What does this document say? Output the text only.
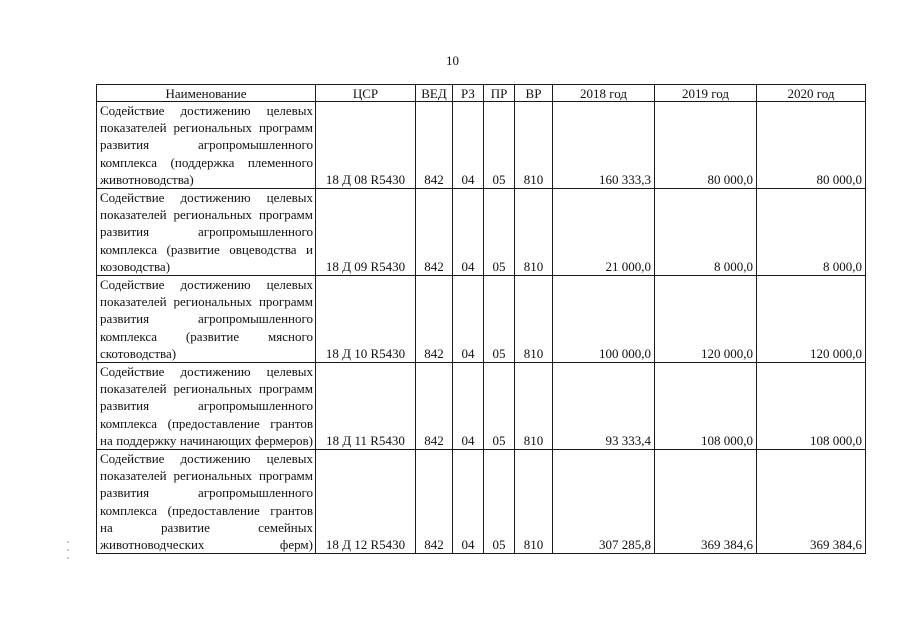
10
Наименование	ЦСР	ВЕД	РЗ	ПР	ВР	2018 год	2019 год	2020 год

Содействие достижению целевых показателей региональных программ развития агропромышленного комплекса (поддержка племенного животноводства)	18 Д 08 R5430	842	04	05	810	160 333,3	80 000,0	80 000,0

Содействие достижению целевых показателей региональных программ развития агропромышленного комплекса (развитие овцеводства и козоводства)	18 Д 09 R5430	842	04	05	810	21 000,0	8 000,0	8 000,0

Содействие достижению целевых показателей региональных программ развития агропромышленного комплекса (развитие мясного скотоводства)	18 Д 10 R5430	842	04	05	810	100 000,0	120 000,0	120 000,0

Содействие достижению целевых показателей региональных программ развития агропромышленного комплекса (предоставление грантов на поддержку начинающих фермеров)	18 Д 11 R5430	842	04	05	810	93 333,4	108 000,0	108 000,0

Содействие достижению целевых показателей региональных программ развития агропромышленного комплекса (предоставление грантов на развитие семейных животноводческих ферм)	18 Д 12 R5430	842	04	05	810	307 285,8	369 384,6	369 384,6
